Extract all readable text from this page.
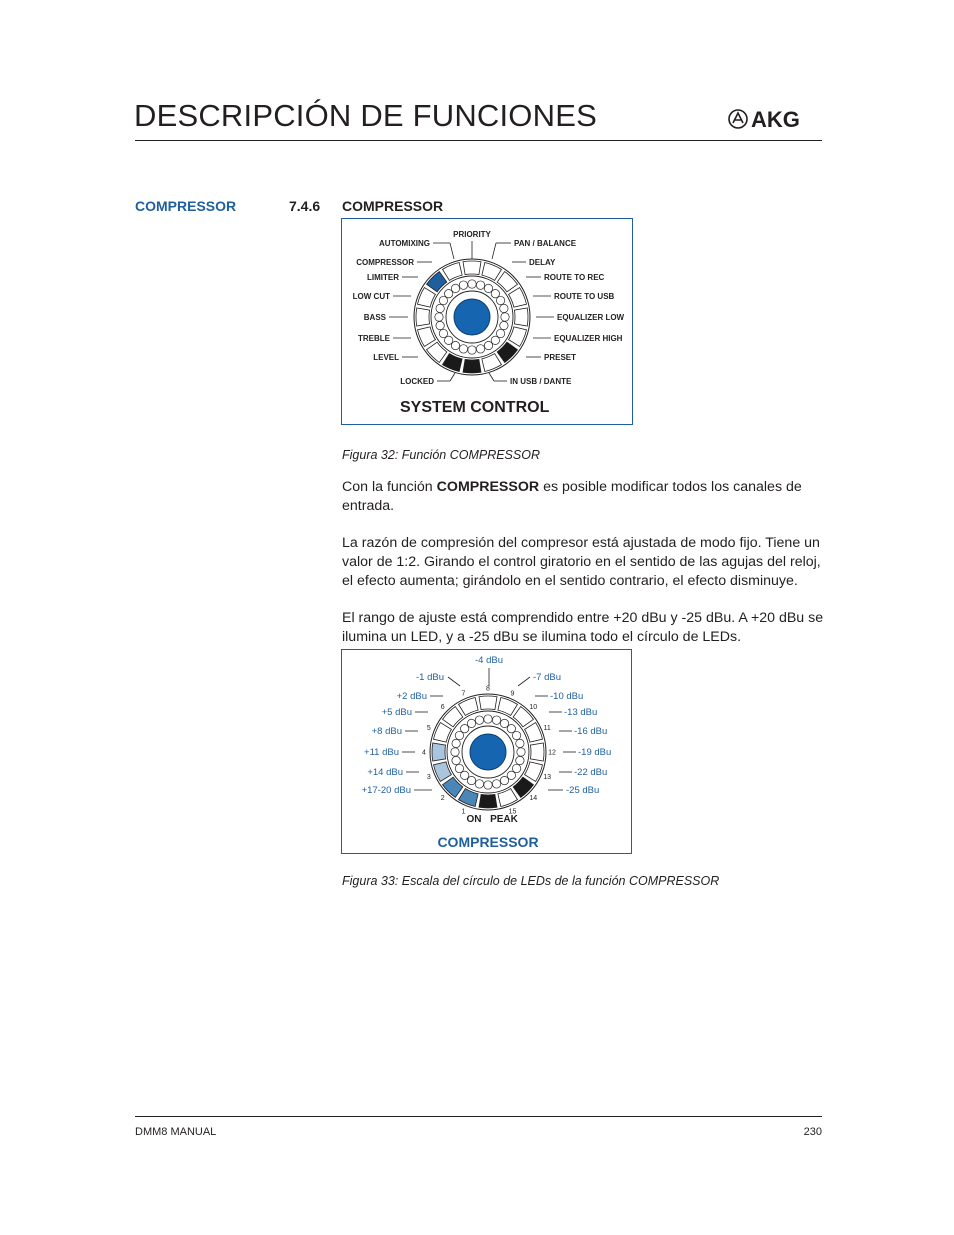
DESCRIPCIÓN DE FUNCIONES	AKG
COMPRESSOR	7.4.6 COMPRESSOR
PRIORITY
AUTOMIXING
COMPRESSOR
LIMITER
LOW CUT
BASS
TREBLE
LEVEL
LOCKED
PAN / BALANCE
DELAY
ROUTE TO REC
ROUTE TO USB
EQUALIZER LOW
EQUALIZER HIGH
PRESET
IN USB / DANTE
SYSTEM CONTROL
Figura 32: Función COMPRESSOR

Con la función COMPRESSOR es posible modificar todos los canales de entrada.

La razón de compresión del compresor está ajustada de modo fijo. Tiene un valor de 1:2. Girando el control giratorio en el sentido de las agujas del reloj, el efecto aumenta; girándolo en el sentido contrario, el efecto disminuye.

El rango de ajuste está comprendido entre +20 dBu y -25 dBu. A +20 dBu se ilumina un LED, y a -25 dBu se ilumina todo el círculo de LEDs.

-4 dBu
-1 dBu
+2 dBu
+5 dBu
+8 dBu
+11 dBu
+14 dBu
+17-20 dBu
-7 dBu
-10 dBu
-13 dBu
-16 dBu
-19 dBu
-22 dBu
-25 dBu
1
2
3
4
5
6
7
8
9
10
11
12
13
14
15
ON PEAK
COMPRESSOR
Figura 33: Escala del círculo de LEDs de la función COMPRESSOR
DMM8 MANUAL	230
